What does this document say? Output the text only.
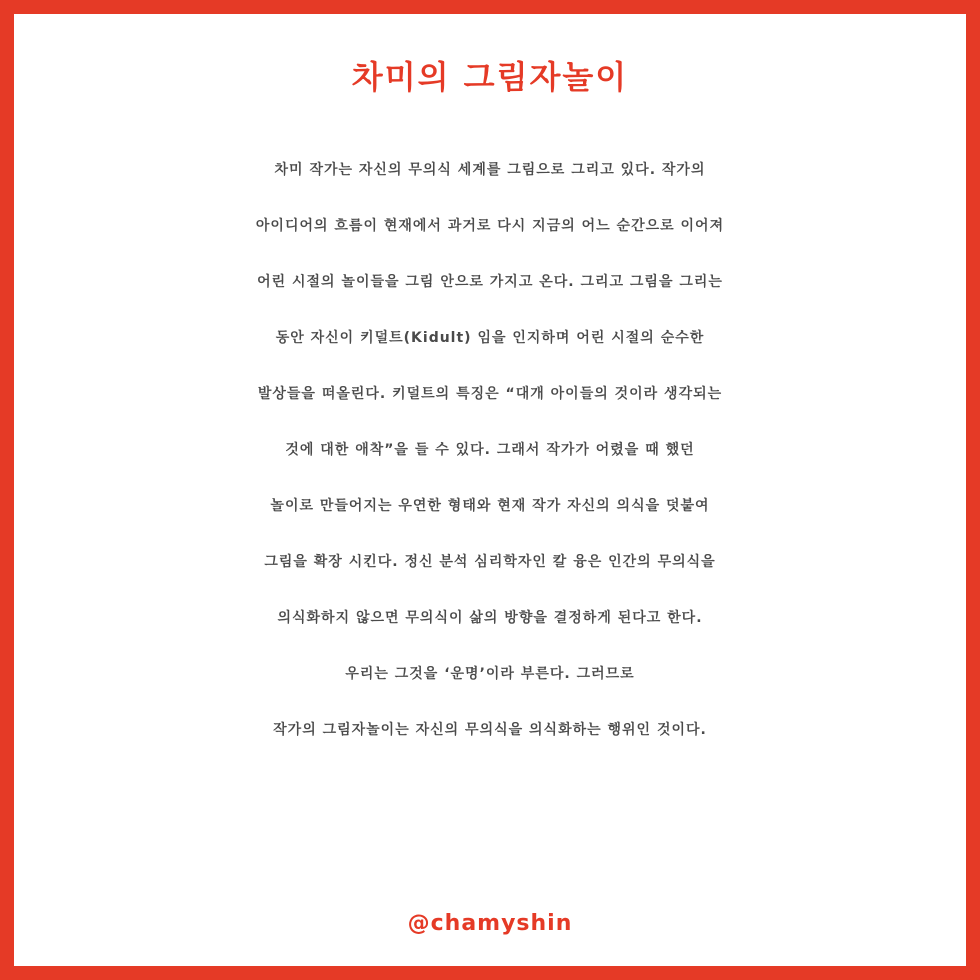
차미의 그림자놀이
차미 작가는 자신의 무의식 세계를 그림으로 그리고 있다. 작가의
아이디어의 흐름이 현재에서 과거로 다시 지금의 어느 순간으로 이어져
어린 시절의 놀이들을 그림 안으로 가지고 온다. 그리고 그림을 그리는
동안 자신이 키덜트(Kidult) 임을 인지하며 어린 시절의 순수한
발상들을 떠올린다. 키덜트의 특징은 “대개 아이들의 것이라 생각되는
것에 대한 애착”을 들 수 있다. 그래서 작가가 어렸을 때 했던
놀이로 만들어지는 우연한 형태와 현재 작가 자신의 의식을 덧붙여
그림을 확장 시킨다. 정신 분석 심리학자인 칼 융은 인간의 무의식을
의식화하지 않으면 무의식이 삶의 방향을 결정하게 된다고 한다.
우리는 그것을 ‘운명’이라 부른다. 그러므로
작가의 그림자놀이는 자신의 무의식을 의식화하는 행위인 것이다.
@chamyshin
